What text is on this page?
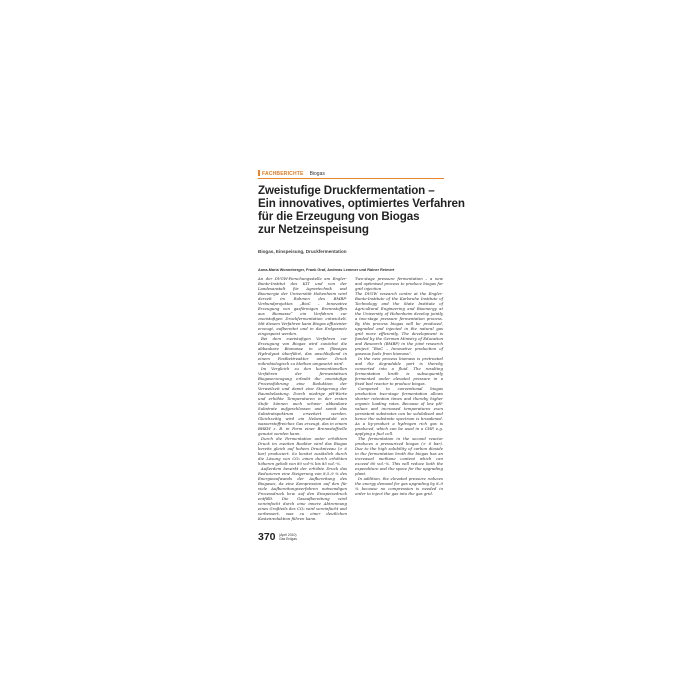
FACHBERICHTE Biogas
Zweistufige Druckfermentation –
Ein innovatives, optimiertes Verfahren
für die Erzeugung von Biogas
zur Netzeinspeisung
Biogas, Einspeisung, Druckfermentation
Anna-Maria Wonneberger, Frank Graf, Andreas Lemmer und Rainer Reimert

An der DVGW-Forschungsstelle am Engler-Bunte-Institut des KIT und von der Landesanstalt für Agrartechnik und Bioenergie der Universität Hohenheim wird derzeit im Rahmen des BMBF-Verbundprojektes „BioC – Innovative Erzeugung von gasförmigen Brennstoffen aus Biomasse“ ein Verfahren zur zweistufigen Druckfermentation entwickelt. Mit diesem Verfahren kann Biogas effizienter erzeugt, aufbereitet und in das Erdgasnetz eingespeist werden.

Bei dem zweistufigen Verfahren zur Erzeugung von Biogas wird zunächst die abbaubare Biomasse in ein flüssiges Hydrolysat überführt, das anschließend in einem Festbettreaktor unter Druck mikrobiologisch zu Methan umgesetzt wird.

Im Vergleich zu den konventionellen Verfahren der fermentativen Biogaserzeugung erlaubt die zweistufige Prozessführung eine Reduktion der Verweilzeit und damit eine Steigerung der Raumbelastung. Durch niedrige pH-Werte und erhöhte Temperaturen in der ersten Stufe können auch schwer abbaubare Substrate aufgeschlossen und somit das Substratspektrum erweitert werden. Gleichzeitig wird ein Nebenprodukt ein wasserstoffreiches Gas erzeugt, das in einem BHKW z. B. in Form einer Brennstoffzelle genutzt werden kann.

Durch die Fermentation unter erhöhtem Druck im zweiten Reaktor wird das Biogas bereits gleich auf hohem Druckniveau (> 6 bar) produziert. So besitzt zusätzlich durch die Lösung von CO₂ einen durch erhöhten höheren gehalt von 80 vol-% bis 85 vol.-%.

Außerdem bewirkt der erhöhte Druck das Reduzieren eine Steigerung von 8,5–9 % des Energieaufwands der Aufbereitung des Biogases, da eine Kompression auf den für viele Aufbereitungsverfahren notwendigen Prozessdruck bzw. auf den Einspeisedruck entfällt. Die Gasaufbereitung wird vereinfacht durch eine innere Abtrennung eines Großteils des CO₂ wird vereinfacht und verbessert, was zu einer deutlichen Kostenreduktion führen kann.

Two-stage pressure fermentation – a new and optimised process to produce biogas for grid injection

The DVGW research centre at the Engler-Bunte-Institute of the Karlsruhe Institute of Technology and the State Institute of Agricultural Engineering and Bioenergy at the University of Hohenheim develop jointly a two-stage pressure fermentation process. By this process biogas will be produced, upgraded and injected in the natural gas grid more efficiently. The development is funded by the German Ministry of Education and Research (BMBF) in the joint research project “BioC – Innovative production of gaseous fuels from biomass”.

In the new process biomass is pretreated and the degradable part is thereby converted into a fluid. The resulting fermentation broth is subsequently fermented under elevated pressure in a fixed bed reactor to produce biogas.

Compared to conventional biogas production two-stage fermentation allows shorter retention times and thereby higher organic loading rates. Because of low pH-values and increased temperatures even persistent substrates can be solubilised and hence the substrate spectrum is broadened. As a by-product a hydrogen rich gas is produced, which can be used in a CHP, e.g. applying a fuel cell.

The fermentation in the second reactor produces a pressurized biogas (> 6 bar). Due to the high solubility of carbon dioxide in the fermentation broth the biogas has an increased methane content which can exceed 80 vol.-%. This will reduce both the expenditure and the space for the upgrading plant.

In addition, the elevated pressure reduces the energy demand for gas upgrading by 8–9 % because no compression is needed in order to inject the gas into the gas grid.

370 (April 2010)
Gas Erdgas
